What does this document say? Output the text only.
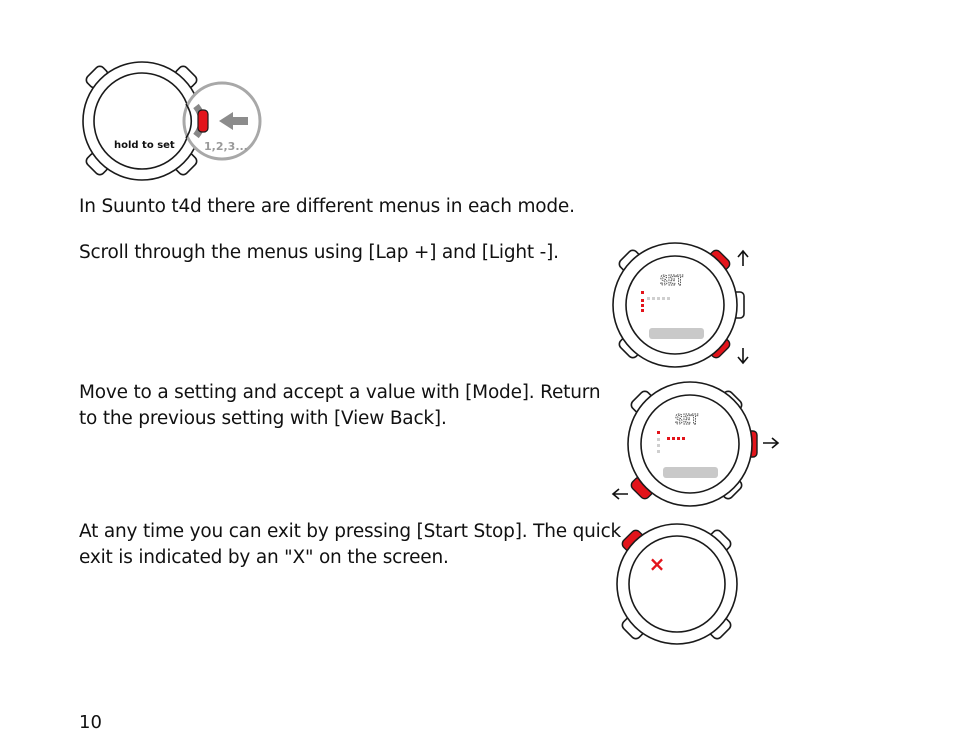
hold to set	1,2,3...
SET
SET
×

In Suunto t4d there are different menus in each mode.

Scroll through the menus using [Lap +] and [Light -].

Move to a setting and accept a value with [Mode]. Return
to the previous setting with [View Back].

At any time you can exit by pressing [Start Stop]. The quick
exit is indicated by an "X" on the screen.

10
